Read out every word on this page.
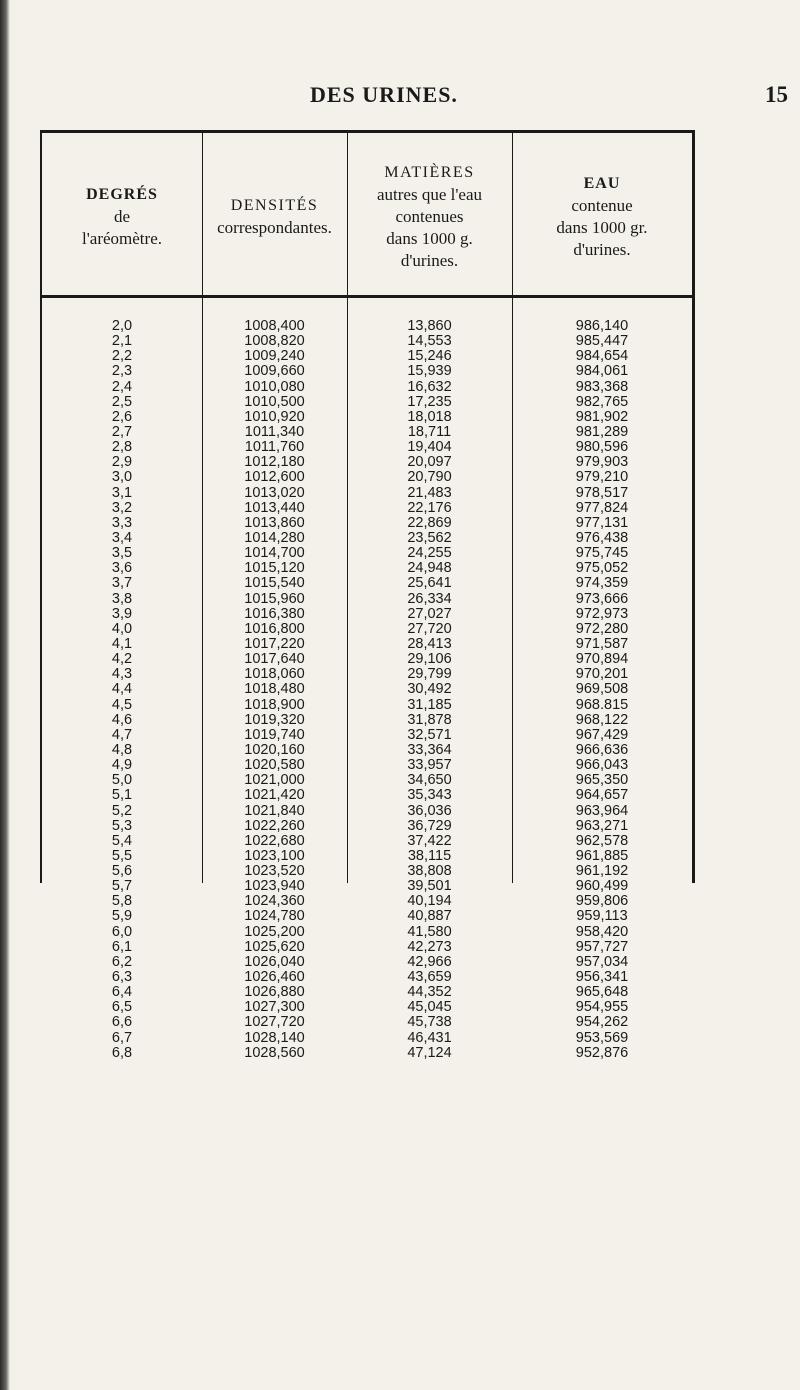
DES URINES.	15
DEGRÉS
de
l'aréomètre.
DENSITÉS
correspondantes.
MATIÈRES
autres que l'eau
contenues
dans 1000 g.
d'urines.
EAU
contenue
dans 1000 gr.
d'urines.
2,0
2,1
2,2
2,3
2,4
2,5
2,6
2,7
2,8
2,9
3,0
3,1
3,2
3,3
3,4
3,5
3,6
3,7
3,8
3,9
4,0
4,1
4,2
4,3
4,4
4,5
4,6
4,7
4,8
4,9
5,0
5,1
5,2
5,3
5,4
5,5
5,6
5,7
5,8
5,9
6,0
6,1
6,2
6,3
6,4
6,5
6,6
6,7
6,8
1008,400
1008,820
1009,240
1009,660
1010,080
1010,500
1010,920
1011,340
1011,760
1012,180
1012,600
1013,020
1013,440
1013,860
1014,280
1014,700
1015,120
1015,540
1015,960
1016,380
1016,800
1017,220
1017,640
1018,060
1018,480
1018,900
1019,320
1019,740
1020,160
1020,580
1021,000
1021,420
1021,840
1022,260
1022,680
1023,100
1023,520
1023,940
1024,360
1024,780
1025,200
1025,620
1026,040
1026,460
1026,880
1027,300
1027,720
1028,140
1028,560
13,860
14,553
15,246
15,939
16,632
17,235
18,018
18,711
19,404
20,097
20,790
21,483
22,176
22,869
23,562
24,255
24,948
25,641
26,334
27,027
27,720
28,413
29,106
29,799
30,492
31,185
31,878
32,571
33,364
33,957
34,650
35,343
36,036
36,729
37,422
38,115
38,808
39,501
40,194
40,887
41,580
42,273
42,966
43,659
44,352
45,045
45,738
46,431
47,124
986,140
985,447
984,654
984,061
983,368
982,765
981,902
981,289
980,596
979,903
979,210
978,517
977,824
977,131
976,438
975,745
975,052
974,359
973,666
972,973
972,280
971,587
970,894
970,201
969,508
968.815
968,122
967,429
966,636
966,043
965,350
964,657
963,964
963,271
962,578
961,885
961,192
960,499
959,806
959,113
958,420
957,727
957,034
956,341
965,648
954,955
954,262
953,569
952,876
